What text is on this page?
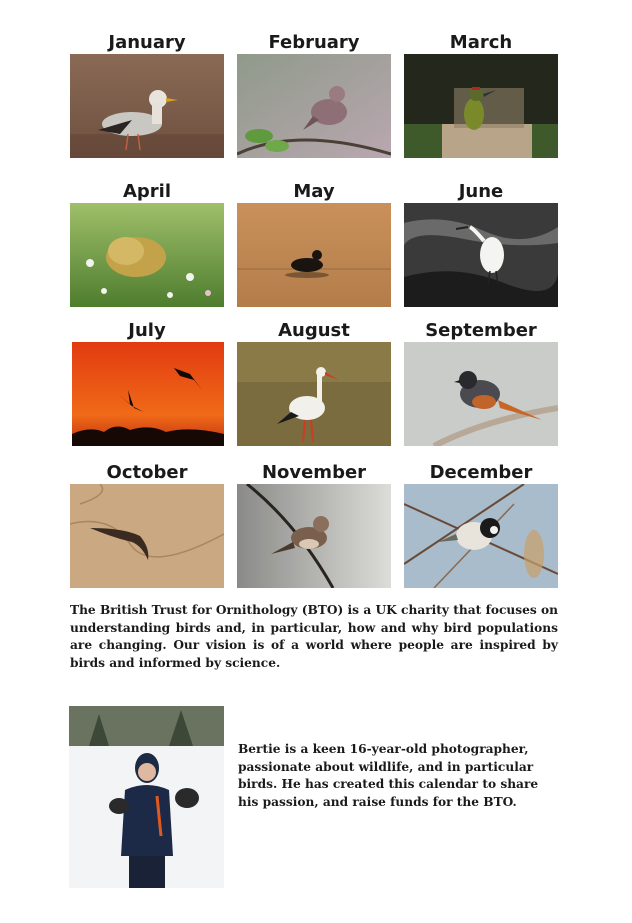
January	February	March
April	May	June
July	August	September
October	November	December

The British Trust for Ornithology (BTO) is a UK charity that focuses on understanding birds and, in particular, how and why bird populations are changing. Our vision is of a world where people are inspired by birds and informed by science.

Bertie is a keen 16-year-old photographer, passionate about wildlife, and in particular birds. He has created this calendar to share his passion, and raise funds for the BTO.
